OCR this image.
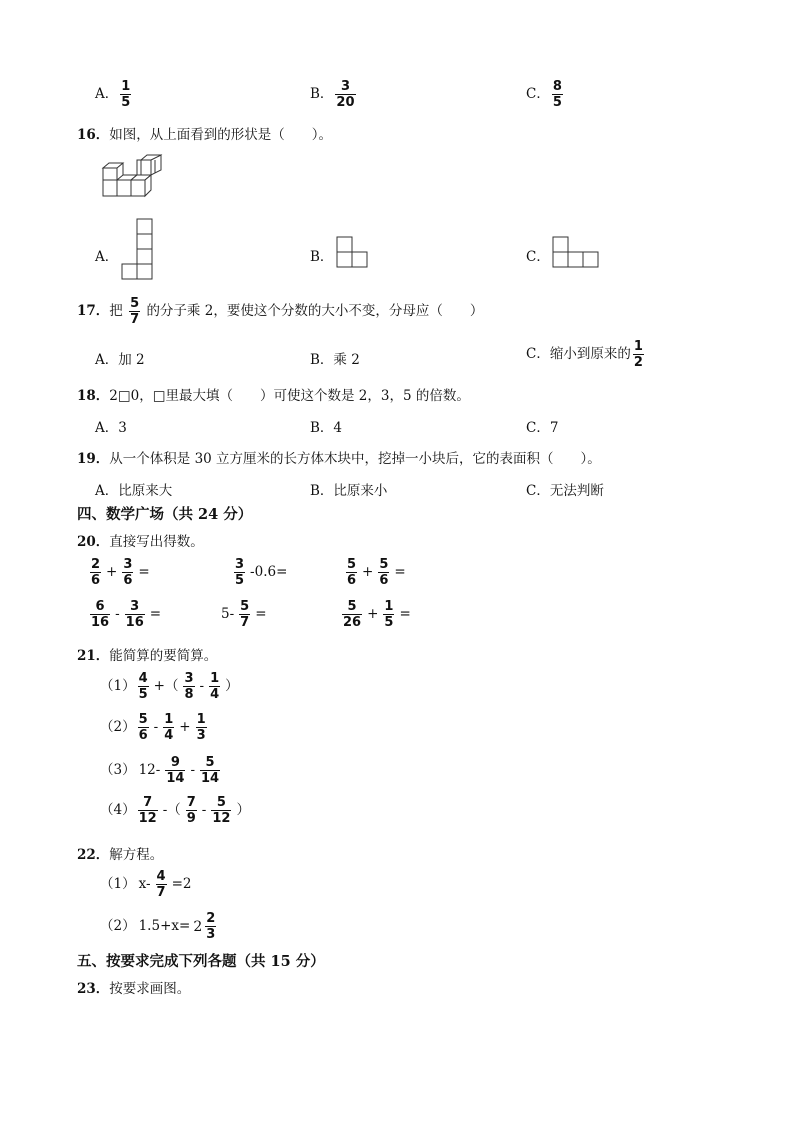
A． $\frac{1}{5}$	B． $\frac{3}{20}$	C． $\frac{8}{5}$
16．如图，从上面看到的形状是（　　）。
A．	B．	C．
17．把 $\frac{5}{7}$ 的分子乘 2，要使这个分数的大小不变，分母应（　　）
A．加 2	B．乘 2	C．缩小到原来的 $\frac{1}{2}$
18．2□0，□里最大填（　　）可使这个数是 2，3，5 的倍数。
A．3	B．4	C．7
19．从一个体积是 30 立方厘米的长方体木块中，挖掉一小块后，它的表面积（　　）。
A．比原来大	B．比原来小	C．无法判断
四、数学广场（共 24 分）
20．直接写出得数。
$\frac{2}{6} + \frac{3}{6}$ =	$\frac{3}{5} -0.6=$	$\frac{5}{6} + \frac{5}{6}$ =
$\frac{6}{16} - \frac{3}{16}$ =	$5- \frac{5}{7}$ =	$\frac{5}{26} + \frac{1}{5}$ =
21．能简算的要简算。
$(1) \frac{4}{5}$ +（ $\frac{3}{8} - \frac{1}{4}$ ）
$(2) \frac{5}{6} - \frac{1}{4} + \frac{1}{3}$
（3） $12- \frac{9}{14} - \frac{5}{14}$
$(4) \frac{7}{12}$ -（ $\frac{7}{9} - \frac{5}{12}$ ）
22．解方程。
（1） $x- \frac{4}{7} =2$
（2） $1.5+x= 2 \frac{2}{3}$
五、按要求完成下列各题（共 15 分）
23．按要求画图。
